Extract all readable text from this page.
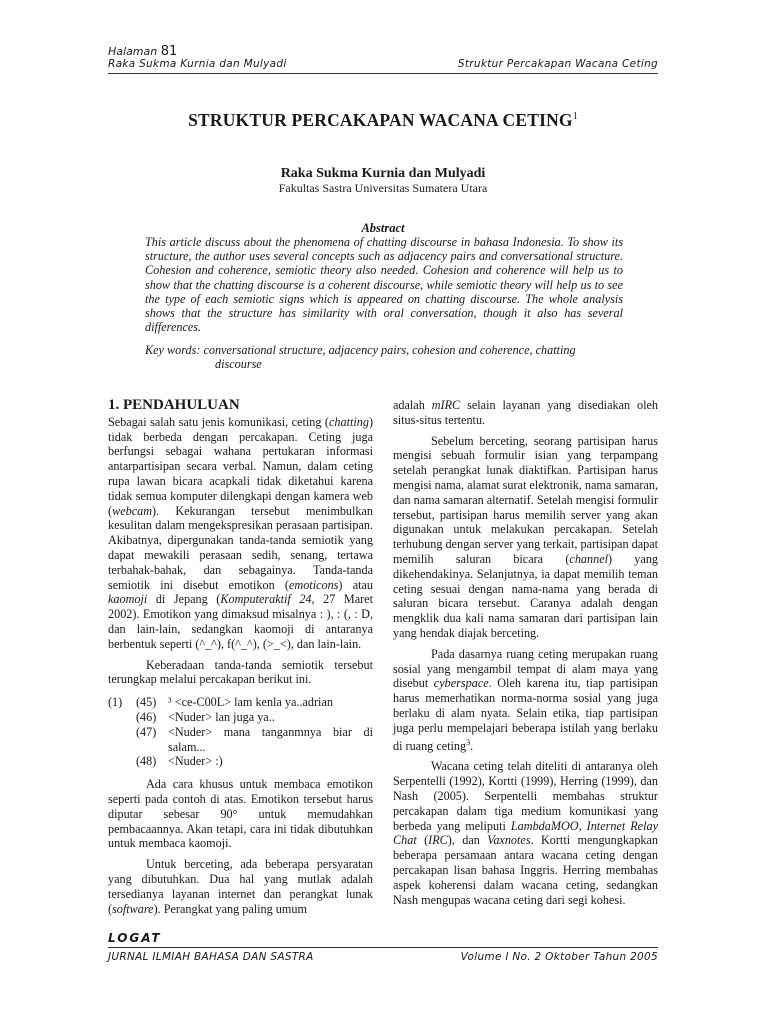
Halaman 81
Raka Sukma Kurnia dan Mulyadi	Struktur Percakapan Wacana Ceting
STRUKTUR PERCAKAPAN WACANA CETING$^1$
Raka Sukma Kurnia dan Mulyadi
Fakultas Sastra Universitas Sumatera Utara
Abstract
This article discuss about the phenomena of chatting discourse in bahasa Indonesia. To show its structure, the author uses several concepts such as adjacency pairs and conversational structure. Cohesion and coherence, semiotic theory also needed. Cohesion and coherence will help us to show that the chatting discourse is a coherent discourse, while semiotic theory will help us to see the type of each semiotic signs which is appeared on chatting discourse. The whole analysis shows that the structure has similarity with oral conversation, though it also has several differences.
Key words: conversational structure, adjacency pairs, cohesion and coherence, chatting
discourse
1. PENDAHULUAN

Sebagai salah satu jenis komunikasi, ceting (chatting) tidak berbeda dengan percakapan. Ceting juga berfungsi sebagai wahana pertukaran informasi antarpartisipan secara verbal. Namun, dalam ceting rupa lawan bicara acapkali tidak diketahui karena tidak semua komputer dilengkapi dengan kamera web (webcam). Kekurangan tersebut menimbulkan kesulitan dalam mengekspresikan perasaan partisipan. Akibatnya, dipergunakan tanda-tanda semiotik yang dapat mewakili perasaan sedih, senang, tertawa terbahak-bahak, dan sebagainya. Tanda-tanda semiotik ini disebut emotikon (emoticons) atau kaomoji di Jepang (Komputeraktif 24, 27 Maret 2002). Emotikon yang dimaksud misalnya : ), : (, : D, dan lain-lain, sedangkan kaomoji di antaranya berbentuk seperti (^_^), f(^_^), (>_<), dan lain-lain.

Keberadaan tanda-tanda semiotik tersebut terungkap melalui percakapan berikut ini.

(1)	(45) ³ <ce-C00L> lam kenla ya..adrian
(46) <Nuder> lan juga ya..
(47) <Nuder> mana tanganmnya biar di salam...
(48) <Nuder> :)

Ada cara khusus untuk membaca emotikon seperti pada contoh di atas. Emotikon tersebut harus diputar sebesar 90° untuk memudahkan pembacaannya. Akan tetapi, cara ini tidak dibutuhkan untuk membaca kaomoji.

Untuk berceting, ada beberapa persyaratan yang dibutuhkan. Dua hal yang mutlak adalah tersedianya layanan internet dan perangkat lunak (software). Perangkat yang paling umum

adalah mIRC selain layanan yang disediakan oleh situs-situs tertentu.

Sebelum berceting, seorang partisipan harus mengisi sebuah formulir isian yang terpampang setelah perangkat lunak diaktifkan. Partisipan harus mengisi nama, alamat surat elektronik, nama samaran, dan nama samaran alternatif. Setelah mengisi formulir tersebut, partisipan harus memilih server yang akan digunakan untuk melakukan percakapan. Setelah terhubung dengan server yang terkait, partisipan dapat memilih saluran bicara (channel) yang dikehendakinya. Selanjutnya, ia dapat memilih teman ceting sesuai dengan nama-nama yang berada di saluran bicara tersebut. Caranya adalah dengan mengklik dua kali nama samaran dari partisipan lain yang hendak diajak berceting.

Pada dasarnya ruang ceting merupakan ruang sosial yang mengambil tempat di alam maya yang disebut cyberspace. Oleh karena itu, tiap partisipan harus memerhatikan norma-norma sosial yang juga berlaku di alam nyata. Selain etika, tiap partisipan juga perlu mempelajari beberapa istilah yang berlaku di ruang ceting$^3$.

Wacana ceting telah diteliti di antaranya oleh Serpentelli (1992), Kortti (1999), Herring (1999), dan Nash (2005). Serpentelli membahas struktur percakapan dalam tiga medium komunikasi yang berbeda yang meliputi LambdaMOO, Internet Relay Chat (IRC), dan Vaxnotes. Kortti mengungkapkan beberapa persamaan antara wacana ceting dengan percakapan lisan bahasa Inggris. Herring membahas aspek koherensi dalam wacana ceting, sedangkan Nash mengupas wacana ceting dari segi kohesi.

LOGAT
JURNAL ILMIAH BAHASA DAN SASTRA	Volume I No. 2 Oktober Tahun 2005
